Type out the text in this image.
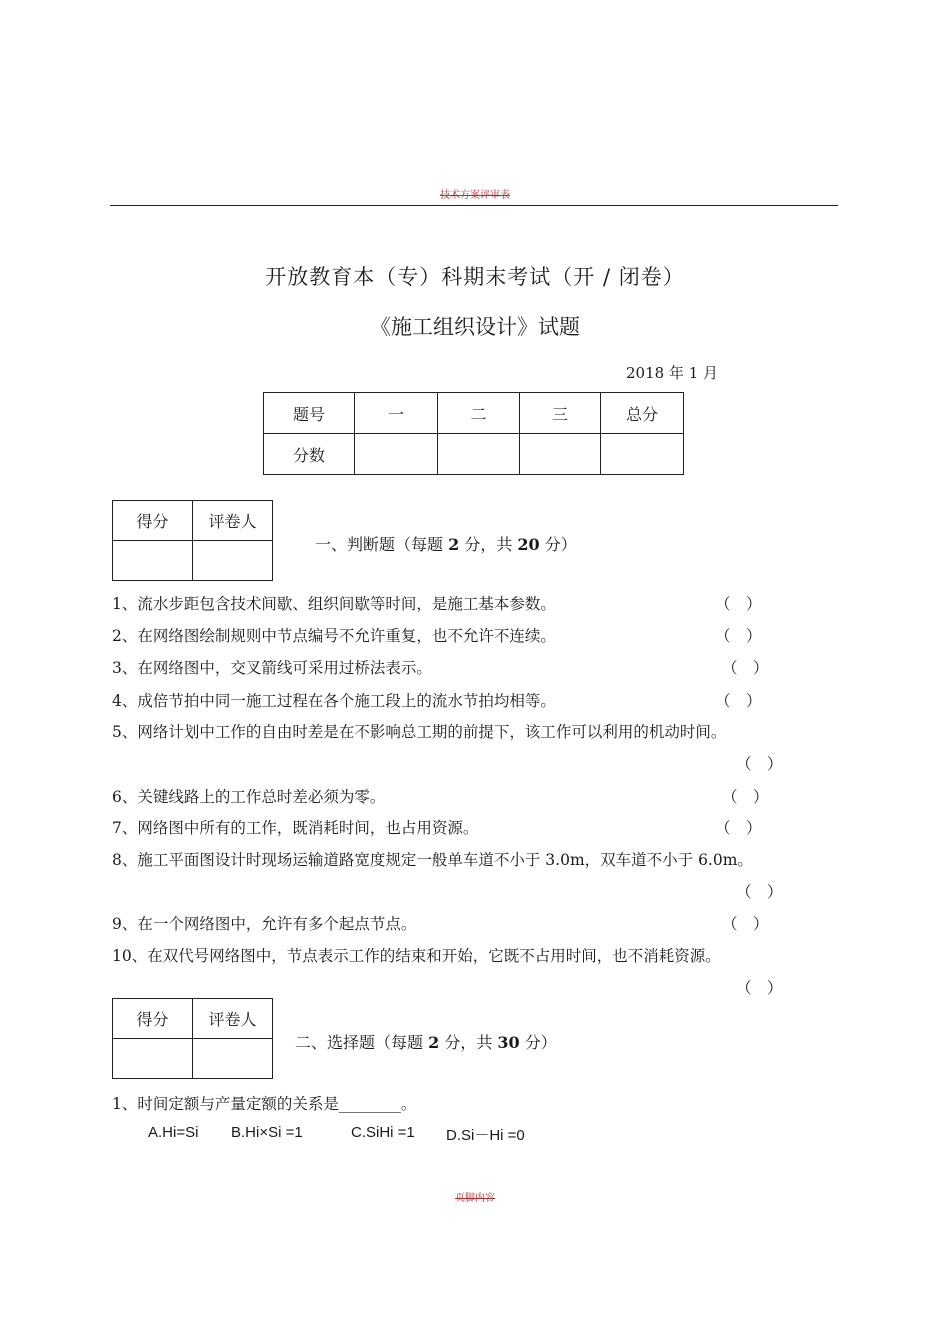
技术方案评审表
开放教育本（专）科期末考试（开 / 闭卷）
《施工组织设计》试题
2018 年 1 月
题号	一	二	三	总分
分数				
得分	评卷人

一、判断题（每题 2 分，共 20 分）
1、流水步距包含技术间歇、组织间歇等时间，是施工基本参数。	（　）
2、在网络图绘制规则中节点编号不允许重复，也不允许不连续。	（　）
3、在网络图中，交叉箭线可采用过桥法表示。	（　）
4、成倍节拍中同一施工过程在各个施工段上的流水节拍均相等。	（　）
5、网络计划中工作的自由时差是在不影响总工期的前提下，该工作可以利用的机动时间。
（　）
6、关键线路上的工作总时差必须为零。	（　）
7、网络图中所有的工作，既消耗时间，也占用资源。	（　）
8、施工平面图设计时现场运输道路宽度规定一般单车道不小于 3.0m，双车道不小于 6.0m。
（　）
9、在一个网络图中，允许有多个起点节点。	（　）
10、在双代号网络图中，节点表示工作的结束和开始，它既不占用时间，也不消耗资源。
（　）
得分	评卷人

二、选择题（每题 2 分，共 30 分）
1、时间定额与产量定额的关系是________。
A.Hi=Si B.Hi×Si =1	C.SiHi =1 D.Si－Hi =0
页脚内容
